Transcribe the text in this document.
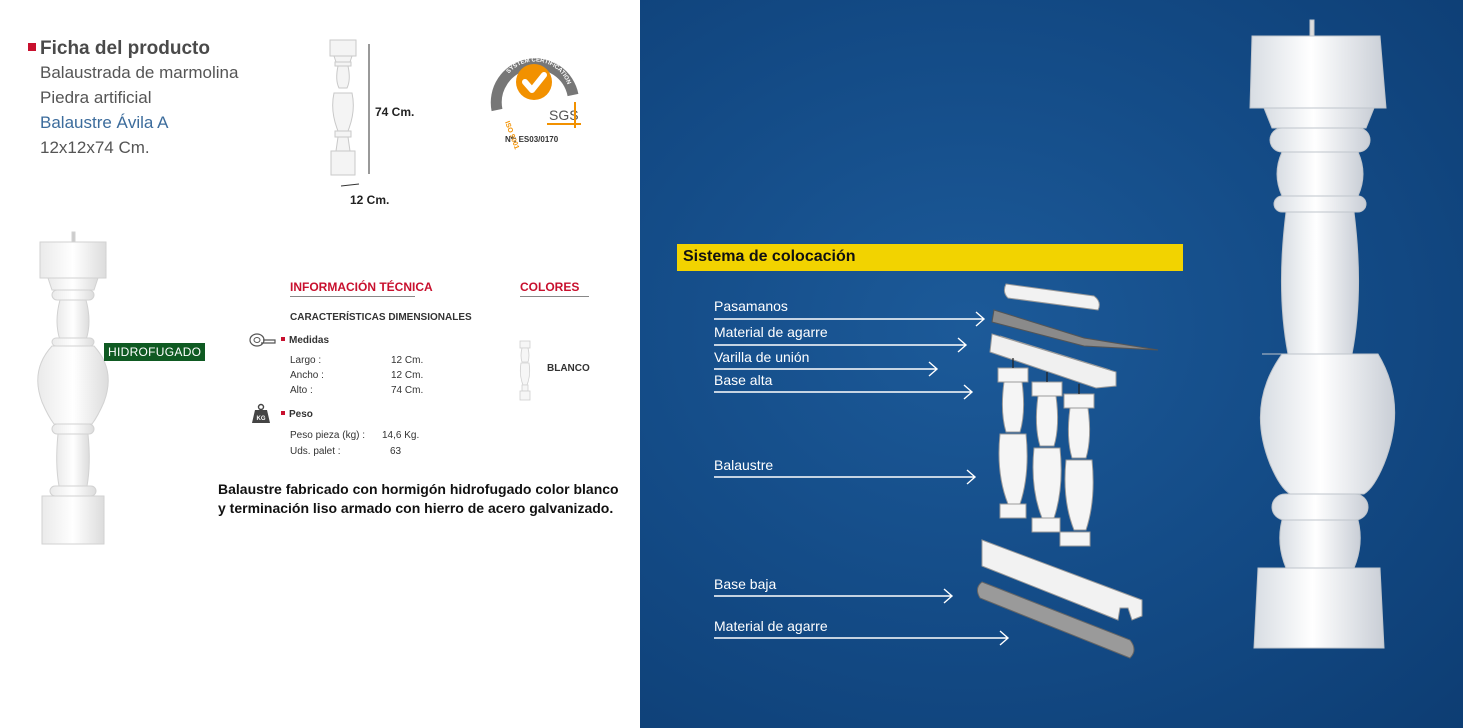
Ficha del producto
Balaustrada de marmolina
Piedra artificial
Balaustre Ávila A
12x12x74 Cm.
74 Cm.
12 Cm.
SYSTEM CERTIFICATION
SGS
ISO 9001
Nº: ES03/0170
HIDROFUGADO
INFORMACIÓN TÉCNICA
CARACTERÍSTICAS DIMENSIONALES
Medidas
Largo :	12 Cm.
Ancho :	12 Cm.
Alto :	74 Cm.
KG	Peso
Peso pieza (kg) : 14,6 Kg.
Uds. palet :	63
COLORES
BLANCO
Balaustre fabricado con hormigón hidrofugado color blanco
y terminación liso armado con hierro de acero galvanizado.
Sistema de colocación
Pasamanos
Material de agarre
Varilla de unión
Base alta
Balaustre
Base baja
Material de agarre
